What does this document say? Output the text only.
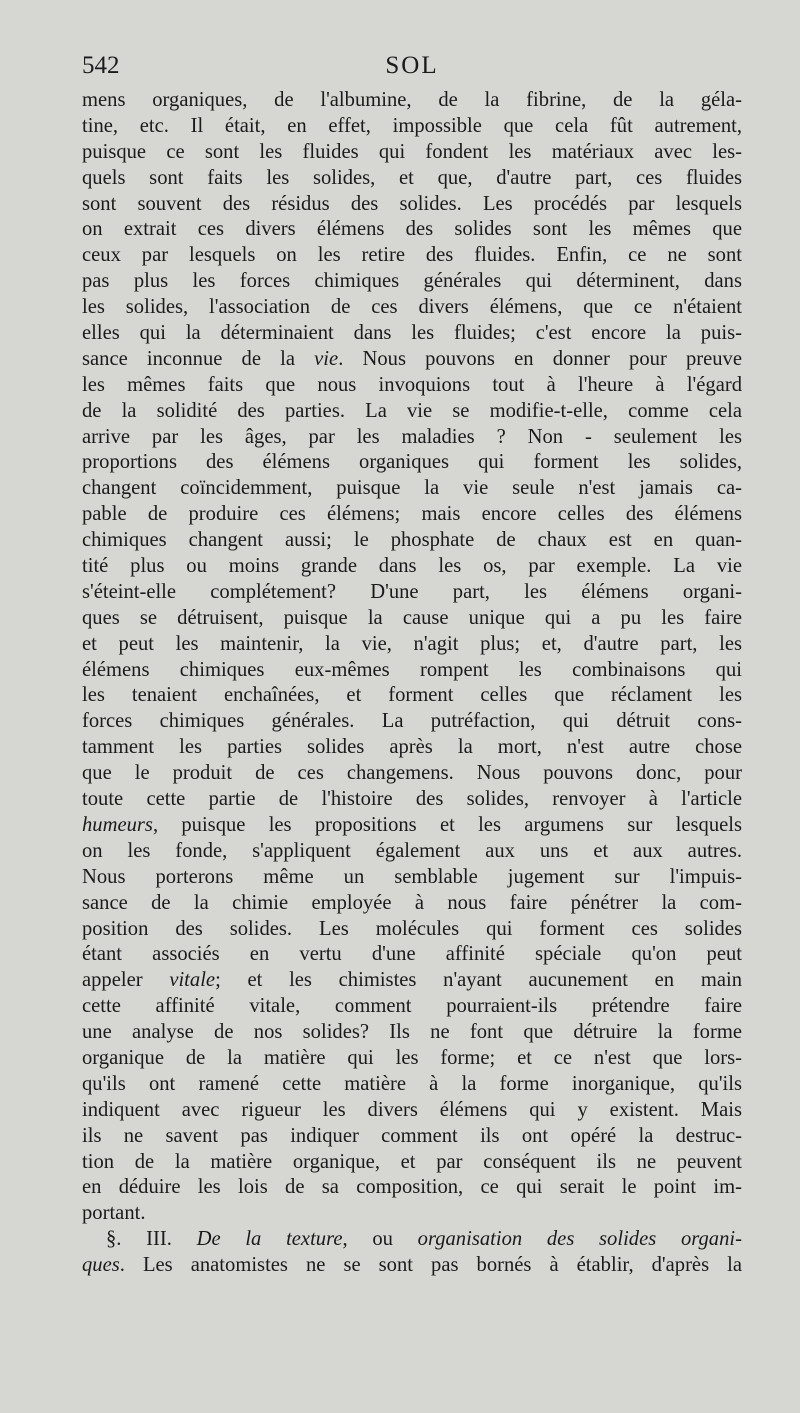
542	SOL
mens organiques, de l'albumine, de la fibrine, de la géla-
tine, etc. Il était, en effet, impossible que cela fût autrement,
puisque ce sont les fluides qui fondent les matériaux avec les-
quels sont faits les solides, et que, d'autre part, ces fluides
sont souvent des résidus des solides. Les procédés par lesquels
on extrait ces divers élémens des solides sont les mêmes que
ceux par lesquels on les retire des fluides. Enfin, ce ne sont
pas plus les forces chimiques générales qui déterminent, dans
les solides, l'association de ces divers élémens, que ce n'étaient
elles qui la déterminaient dans les fluides; c'est encore la puis-
sance inconnue de la vie. Nous pouvons en donner pour preuve
les mêmes faits que nous invoquions tout à l'heure à l'égard
de la solidité des parties. La vie se modifie-t-elle, comme cela
arrive par les âges, par les maladies ? Non - seulement les
proportions des élémens organiques qui forment les solides,
changent coïncidemment, puisque la vie seule n'est jamais ca-
pable de produire ces élémens; mais encore celles des élémens
chimiques changent aussi; le phosphate de chaux est en quan-
tité plus ou moins grande dans les os, par exemple. La vie
s'éteint-elle complétement? D'une part, les élémens organi-
ques se détruisent, puisque la cause unique qui a pu les faire
et peut les maintenir, la vie, n'agit plus; et, d'autre part, les
élémens chimiques eux-mêmes rompent les combinaisons qui
les tenaient enchaînées, et forment celles que réclament les
forces chimiques générales. La putréfaction, qui détruit cons-
tamment les parties solides après la mort, n'est autre chose
que le produit de ces changemens. Nous pouvons donc, pour
toute cette partie de l'histoire des solides, renvoyer à l'article
humeurs, puisque les propositions et les argumens sur lesquels
on les fonde, s'appliquent également aux uns et aux autres.
Nous porterons même un semblable jugement sur l'impuis-
sance de la chimie employée à nous faire pénétrer la com-
position des solides. Les molécules qui forment ces solides
étant associés en vertu d'une affinité spéciale qu'on peut
appeler vitale; et les chimistes n'ayant aucunement en main
cette affinité vitale, comment pourraient-ils prétendre faire
une analyse de nos solides? Ils ne font que détruire la forme
organique de la matière qui les forme; et ce n'est que lors-
qu'ils ont ramené cette matière à la forme inorganique, qu'ils
indiquent avec rigueur les divers élémens qui y existent. Mais
ils ne savent pas indiquer comment ils ont opéré la destruc-
tion de la matière organique, et par conséquent ils ne peuvent
en déduire les lois de sa composition, ce qui serait le point im-
portant.
§. III. De la texture, ou organisation des solides organi-
ques. Les anatomistes ne se sont pas bornés à établir, d'après la
